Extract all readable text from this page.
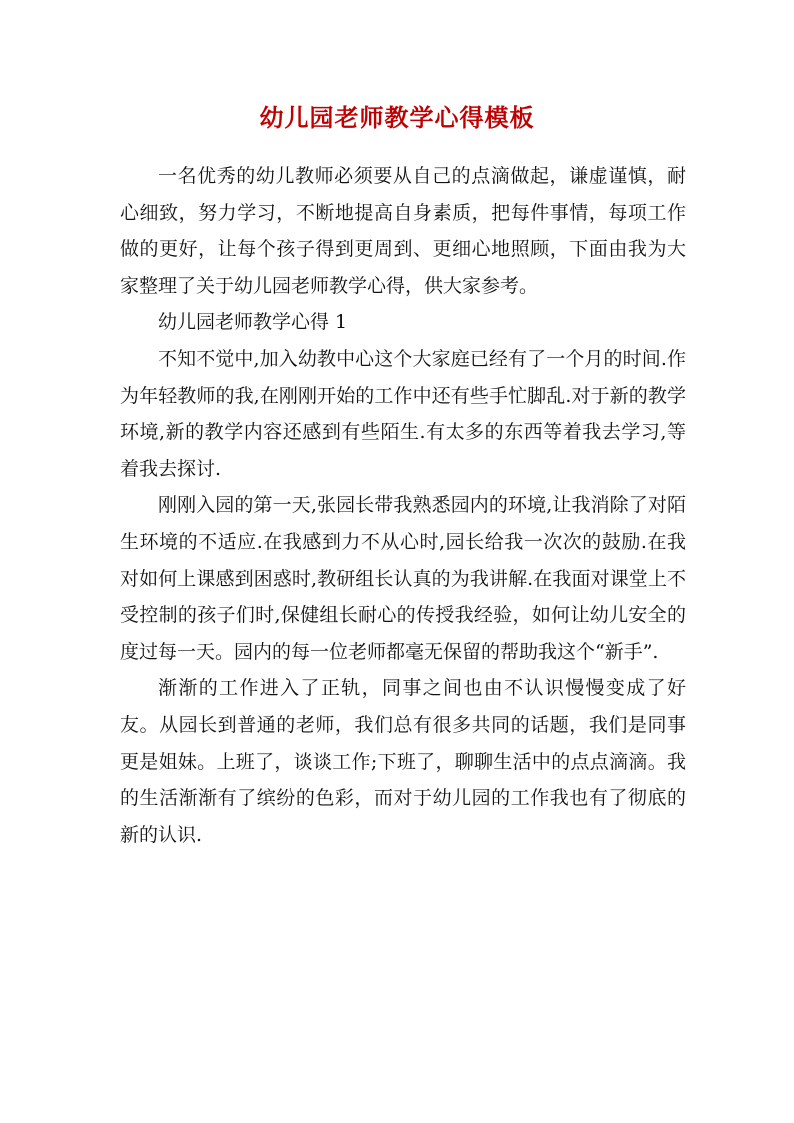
幼儿园老师教学心得模板

一名优秀的幼儿教师必须要从自己的点滴做起，谦虚谨慎，耐心细致，努力学习，不断地提高自身素质，把每件事情，每项工作做的更好，让每个孩子得到更周到、更细心地照顾，下面由我为大家整理了关于幼儿园老师教学心得，供大家参考。

幼儿园老师教学心得 1

不知不觉中,加入幼教中心这个大家庭已经有了一个月的时间.作为年轻教师的我,在刚刚开始的工作中还有些手忙脚乱.对于新的教学环境,新的教学内容还感到有些陌生.有太多的东西等着我去学习,等着我去探讨.

刚刚入园的第一天,张园长带我熟悉园内的环境,让我消除了对陌生环境的不适应.在我感到力不从心时,园长给我一次次的鼓励.在我对如何上课感到困惑时,教研组长认真的为我讲解.在我面对课堂上不受控制的孩子们时,保健组长耐心的传授我经验，如何让幼儿安全的度过每一天。园内的每一位老师都毫无保留的帮助我这个“新手”.

渐渐的工作进入了正轨，同事之间也由不认识慢慢变成了好友。从园长到普通的老师，我们总有很多共同的话题，我们是同事更是姐妹。上班了，谈谈工作;下班了，聊聊生活中的点点滴滴。我的生活渐渐有了缤纷的色彩，而对于幼儿园的工作我也有了彻底的新的认识.
